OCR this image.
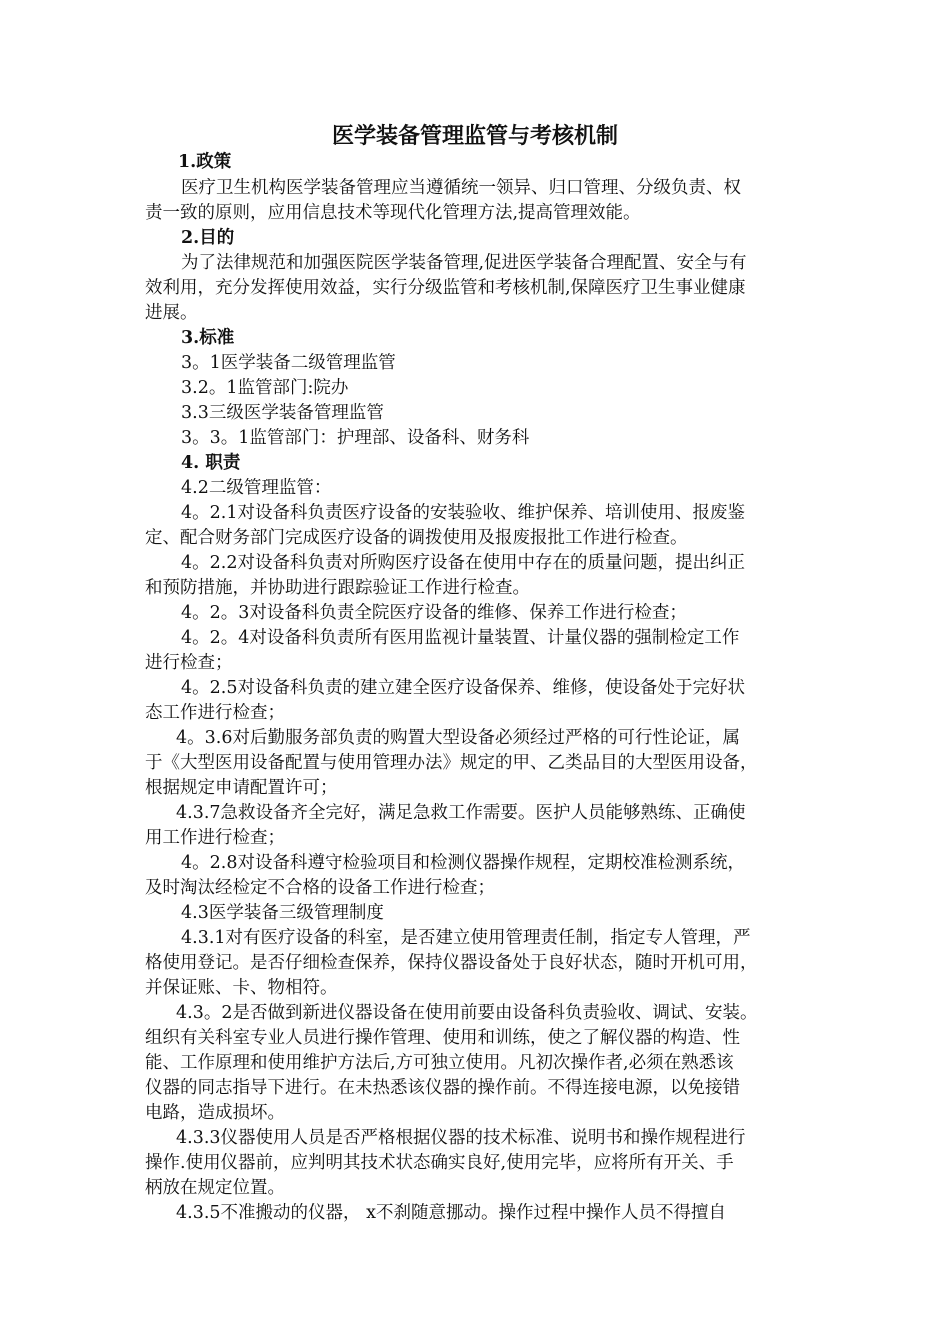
医学装备管理监管与考核机制
1.政策
医疗卫生机构医学装备管理应当遵循统一领异、归口管理、分级负责、权
责一致的原则，应用信息技术等现代化管理方法,提高管理效能。
2.目的
为了法律规范和加强医院医学装备管理,促进医学装备合理配置、安全与有
效利用，充分发挥使用效益，实行分级监管和考核机制,保障医疗卫生事业健康
进展。
3.标准
3。1医学装备二级管理监管
3.2。1监管部门:院办
3.3三级医学装备管理监管
3。3。1监管部门：护理部、设备科、财务科
4. 职责
4.2二级管理监管：
4。2.1对设备科负责医疗设备的安装验收、维护保养、培训使用、报废鉴
定、配合财务部门完成医疗设备的调拨使用及报废报批工作进行检查。
4。2.2对设备科负责对所购医疗设备在使用中存在的质量问题，提出纠正
和预防措施，并协助进行跟踪验证工作进行检查。
4。2。3对设备科负责全院医疗设备的维修、保养工作进行检查；
4。2。4对设备科负责所有医用监视计量装置、计量仪器的强制检定工作
进行检查；
4。2.5对设备科负责的建立建全医疗设备保养、维修，使设备处于完好状
态工作进行检查；
4。3.6对后勤服务部负责的购置大型设备必须经过严格的可行性论证，属
于《大型医用设备配置与使用管理办法》规定的甲、乙类品目的大型医用设备，
根据规定申请配置许可；
4.3.7急救设备齐全完好，满足急救工作需要。医护人员能够熟练、正确使
用工作进行检查；
4。2.8对设备科遵守检验项目和检测仪器操作规程，定期校准检测系统，
及时淘汰经检定不合格的设备工作进行检查；
4.3医学装备三级管理制度
4.3.1对有医疗设备的科室，是否建立使用管理责任制，指定专人管理，严
格使用登记。是否仔细检查保养，保持仪器设备处于良好状态，随时开机可用，
并保证账、卡、物相符。
4.3。2是否做到新进仪器设备在使用前要由设备科负责验收、调试、安装。
组织有关科室专业人员进行操作管理、使用和训练，使之了解仪器的构造、性
能、工作原理和使用维护方法后,方可独立使用。凡初次操作者,必须在熟悉该
仪器的同志指导下进行。在未热悉该仪器的操作前。不得连接电源，以免接错
电路，造成损坏。
4.3.3仪器使用人员是否严格根据仪器的技术标准、说明书和操作规程进行
操作.使用仪器前，应判明其技术状态确实良好,使用完毕，应将所有开关、手
柄放在规定位置。
4.3.5不准搬动的仪器， x不刹随意挪动。操作过程中操作人员不得擅自
